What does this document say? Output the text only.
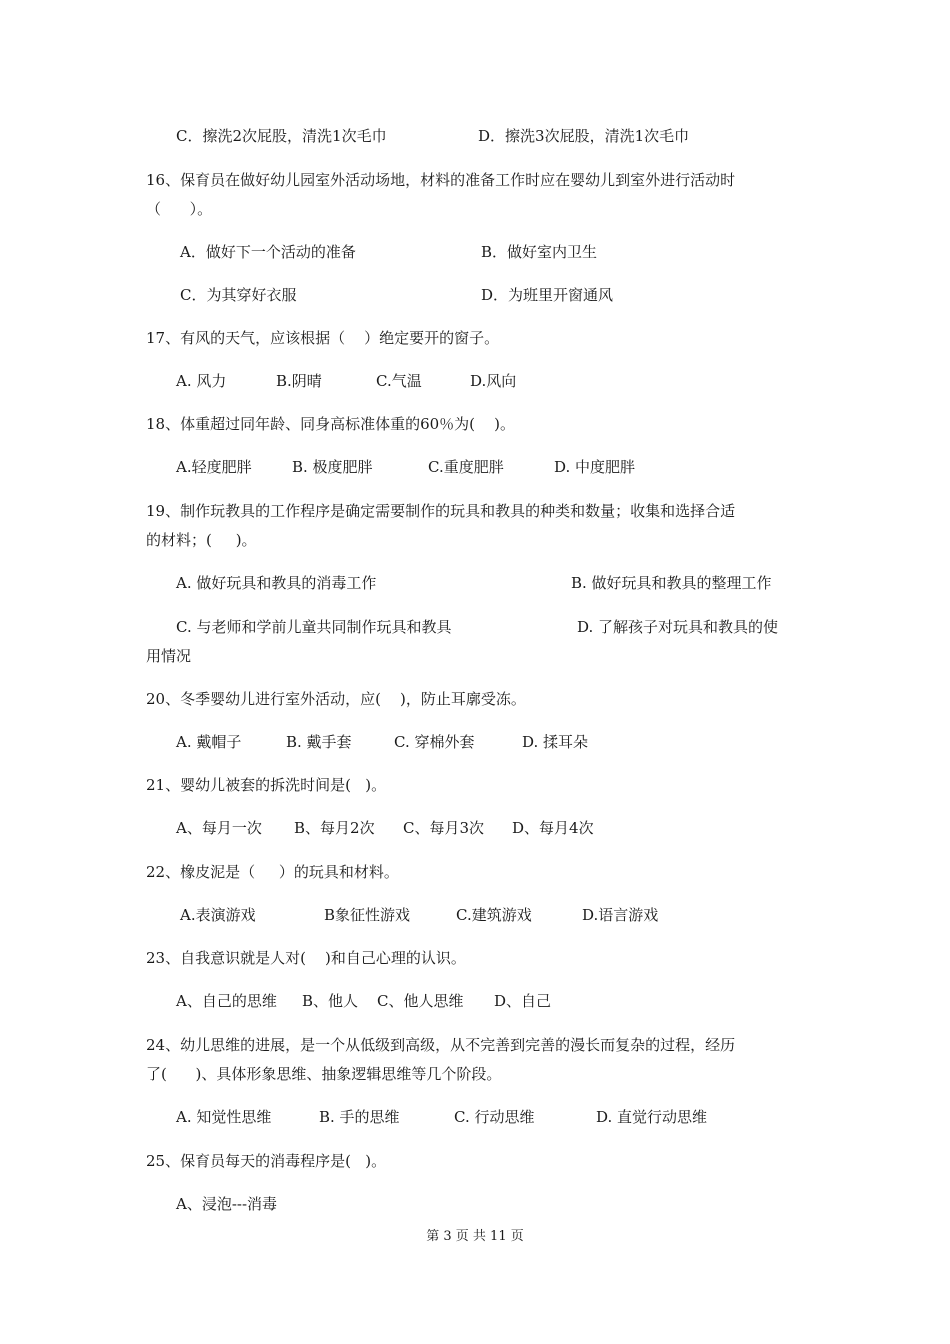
C．擦洗2次屁股，清洗1次毛巾	D．擦洗3次屁股，清洗1次毛巾
16、保育员在做好幼儿园室外活动场地，材料的准备工作时应在婴幼儿到室外进行活动时
（      ）。
A．做好下一个活动的准备	B．做好室内卫生
C．为其穿好衣服	D．为班里开窗通风
17、有风的天气，应该根据（    ）绝定要开的窗子。
A. 风力	B.阴晴	C.气温	D.风向
18、体重超过同年龄、同身高标准体重的60％为(    )。
A.轻度肥胖	B. 极度肥胖	C.重度肥胖	D. 中度肥胖
19、制作玩教具的工作程序是确定需要制作的玩具和教具的种类和数量；收集和选择合适
的材料；(     )。
A. 做好玩具和教具的消毒工作	B. 做好玩具和教具的整理工作
C. 与老师和学前儿童共同制作玩具和教具	D. 了解孩子对玩具和教具的使
用情况
20、冬季婴幼儿进行室外活动，应(    )，防止耳廓受冻。
A. 戴帽子	B. 戴手套	C. 穿棉外套	D. 揉耳朵
21、婴幼儿被套的拆洗时间是(   )。
A、每月一次 B、每月2次 C、每月3次 D、每月4次
22、橡皮泥是（     ）的玩具和材料。
A.表演游戏	B象征性游戏	C.建筑游戏	D.语言游戏
23、自我意识就是人对(    )和自己心理的认识。
A、自己的思维 B、他人 C、他人思维 D、自己
24、幼儿思维的进展，是一个从低级到高级，从不完善到完善的漫长而复杂的过程，经历
了(      )、具体形象思维、抽象逻辑思维等几个阶段。
A. 知觉性思维	B. 手的思维	C. 行动思维	D. 直觉行动思维
25、保育员每天的消毒程序是(   )。
A、浸泡---消毒
第 3 页 共 11 页
